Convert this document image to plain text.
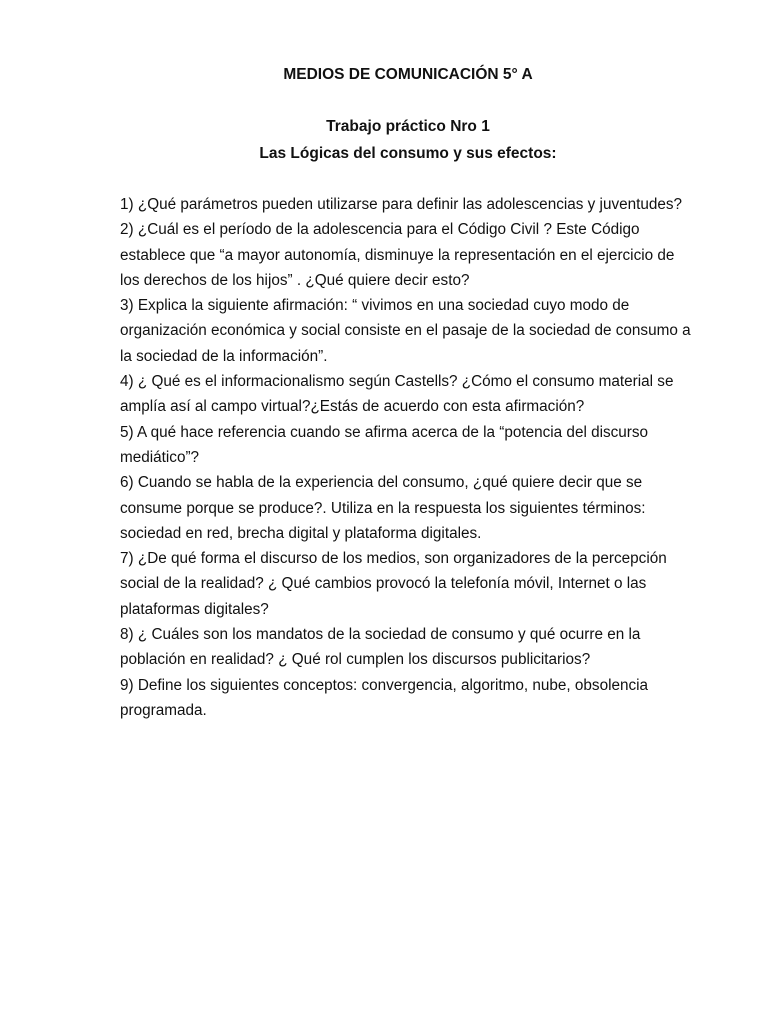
MEDIOS DE COMUNICACIÓN 5° A
Trabajo práctico Nro 1
Las Lógicas del consumo y sus efectos:
1) ¿Qué parámetros pueden utilizarse para definir las adolescencias y juventudes?
2) ¿Cuál es el período de la adolescencia para el Código Civil ? Este Código establece que “a mayor autonomía, disminuye la representación en el ejercicio de los derechos de los hijos” . ¿Qué quiere decir esto?
3) Explica la siguiente afirmación: “ vivimos en una sociedad cuyo modo de organización económica y social consiste en el pasaje de la sociedad de consumo a la sociedad de la información”.
4) ¿ Qué es el informacionalismo según Castells? ¿Cómo el consumo material se amplía así al campo virtual?¿Estás de acuerdo con esta afirmación?
5) A qué hace referencia cuando se afirma acerca de la “potencia del discurso mediático”?
6) Cuando se habla de la experiencia del consumo, ¿qué quiere decir que se consume porque se produce?. Utiliza en la respuesta los siguientes términos: sociedad en red, brecha digital y plataforma digitales.
7) ¿De qué forma el discurso de los medios, son organizadores de la percepción social de la realidad? ¿ Qué cambios provocó la telefonía móvil, Internet o las plataformas digitales?
8) ¿ Cuáles son los mandatos de la sociedad de consumo y qué ocurre en la población en realidad? ¿ Qué rol cumplen los discursos publicitarios?
9) Define los siguientes conceptos: convergencia, algoritmo, nube, obsolencia programada.
